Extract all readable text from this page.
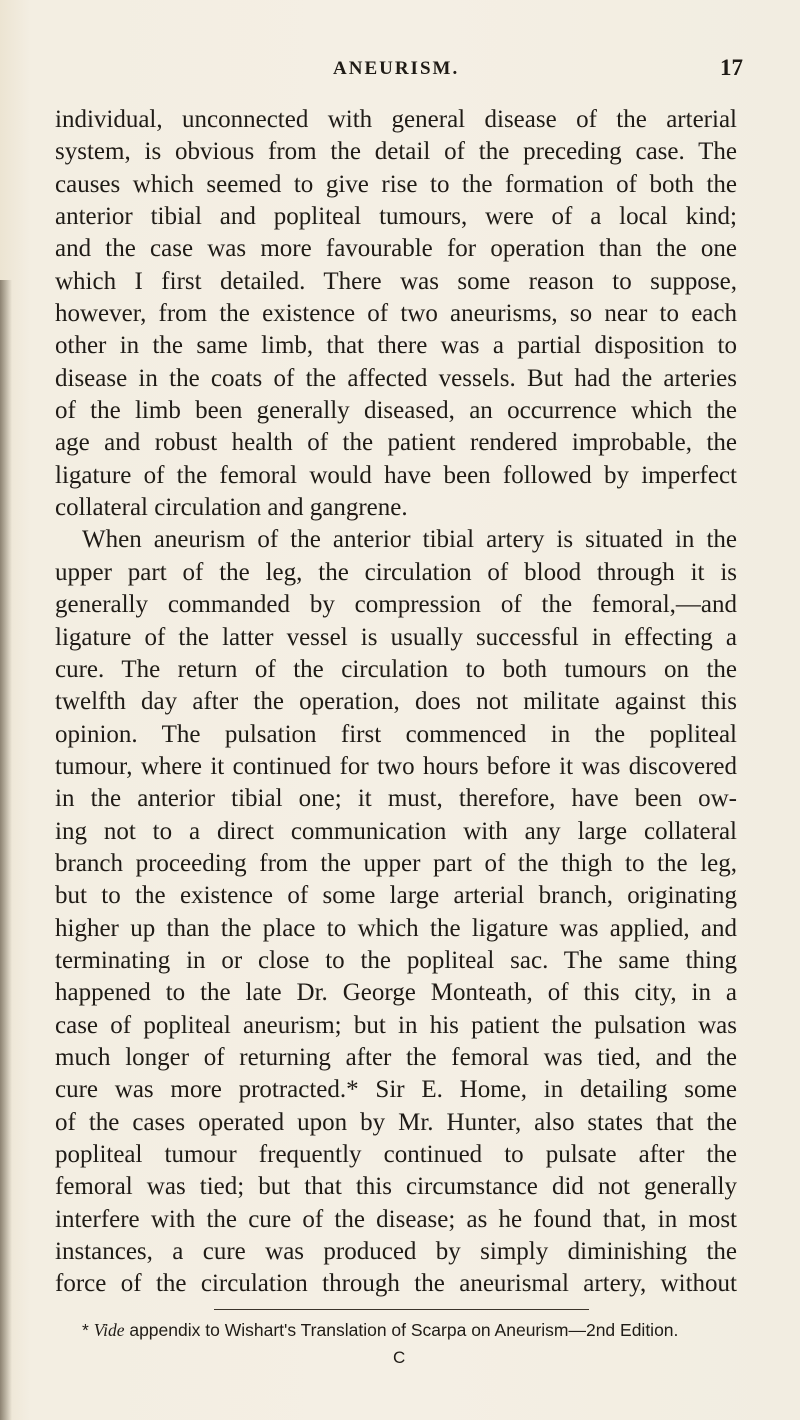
ANEURISM.	17
individual, unconnected with general disease of the arterial
system, is obvious from the detail of the preceding case. The
causes which seemed to give rise to the formation of both the
anterior tibial and popliteal tumours, were of a local kind;
and the case was more favourable for operation than the one
which I first detailed. There was some reason to suppose,
however, from the existence of two aneurisms, so near to each
other in the same limb, that there was a partial disposition to
disease in the coats of the affected vessels. But had the arteries
of the limb been generally diseased, an occurrence which the
age and robust health of the patient rendered improbable, the
ligature of the femoral would have been followed by imperfect
collateral circulation and gangrene.
When aneurism of the anterior tibial artery is situated in the
upper part of the leg, the circulation of blood through it is
generally commanded by compression of the femoral,—and
ligature of the latter vessel is usually successful in effecting a
cure. The return of the circulation to both tumours on the
twelfth day after the operation, does not militate against this
opinion. The pulsation first commenced in the popliteal
tumour, where it continued for two hours before it was discovered
in the anterior tibial one; it must, therefore, have been ow-
ing not to a direct communication with any large collateral
branch proceeding from the upper part of the thigh to the leg,
but to the existence of some large arterial branch, originating
higher up than the place to which the ligature was applied, and
terminating in or close to the popliteal sac. The same thing
happened to the late Dr. George Monteath, of this city, in a
case of popliteal aneurism; but in his patient the pulsation was
much longer of returning after the femoral was tied, and the
cure was more protracted.* Sir E. Home, in detailing some
of the cases operated upon by Mr. Hunter, also states that the
popliteal tumour frequently continued to pulsate after the
femoral was tied; but that this circumstance did not generally
interfere with the cure of the disease; as he found that, in most
instances, a cure was produced by simply diminishing the
force of the circulation through the aneurismal artery, without
* Vide appendix to Wishart's Translation of Scarpa on Aneurism—2nd Edition.
C
